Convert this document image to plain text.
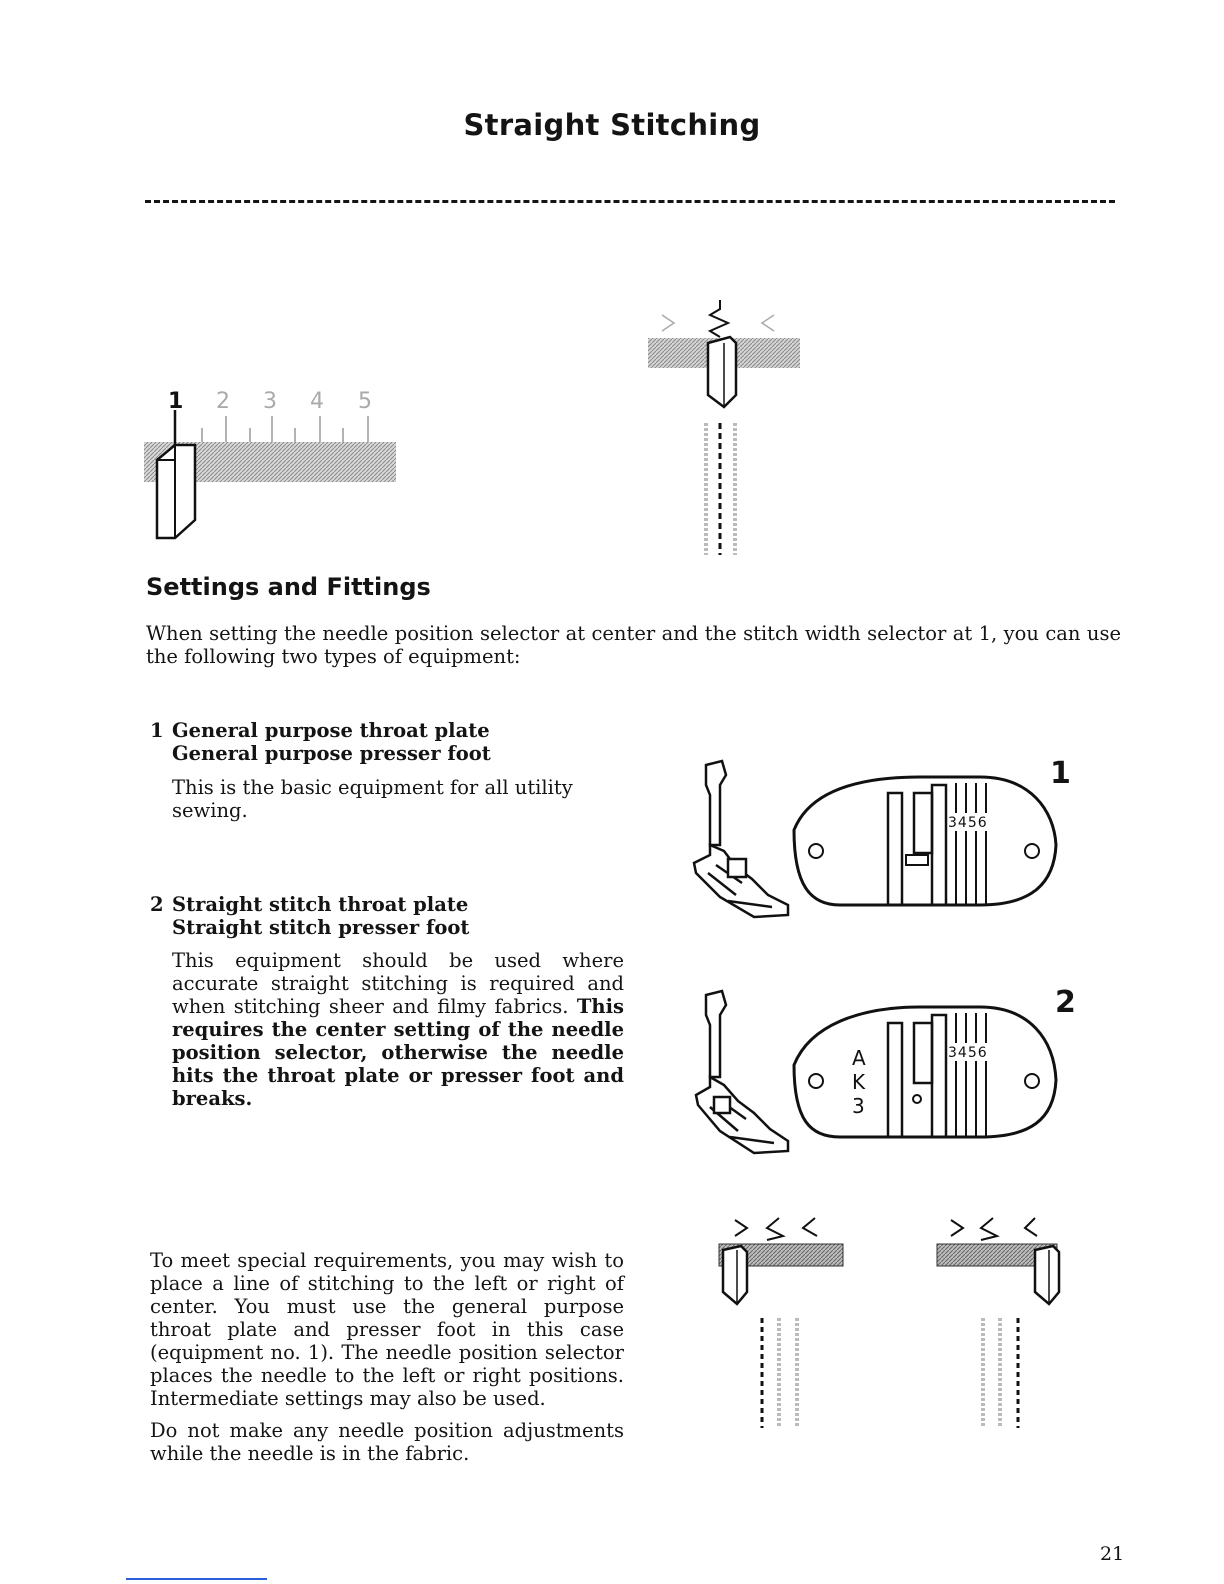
Straight Stitching
1 2 3 4 5
Settings and Fittings
When setting the needle position selector at center and the stitch width selector at 1, you can use the following two types of equipment:
1 General purpose throat plate
General purpose presser foot
This is the basic equipment for all utility sewing.
2 Straight stitch throat plate
Straight stitch presser foot
This equipment should be used where accurate straight stitching is required and when stitching sheer and filmy fabrics. This requires the center setting of the needle position selector, otherwise the needle hits the throat plate or presser foot and breaks.
1
3456
2
3456
A
K
3
To meet special requirements, you may wish to place a line of stitching to the left or right of center. You must use the general purpose throat plate and presser foot in this case (equipment no. 1). The needle position selector places the needle to the left or right positions. Intermediate settings may also be used.
Do not make any needle position adjustments while the needle is in the fabric.
21
